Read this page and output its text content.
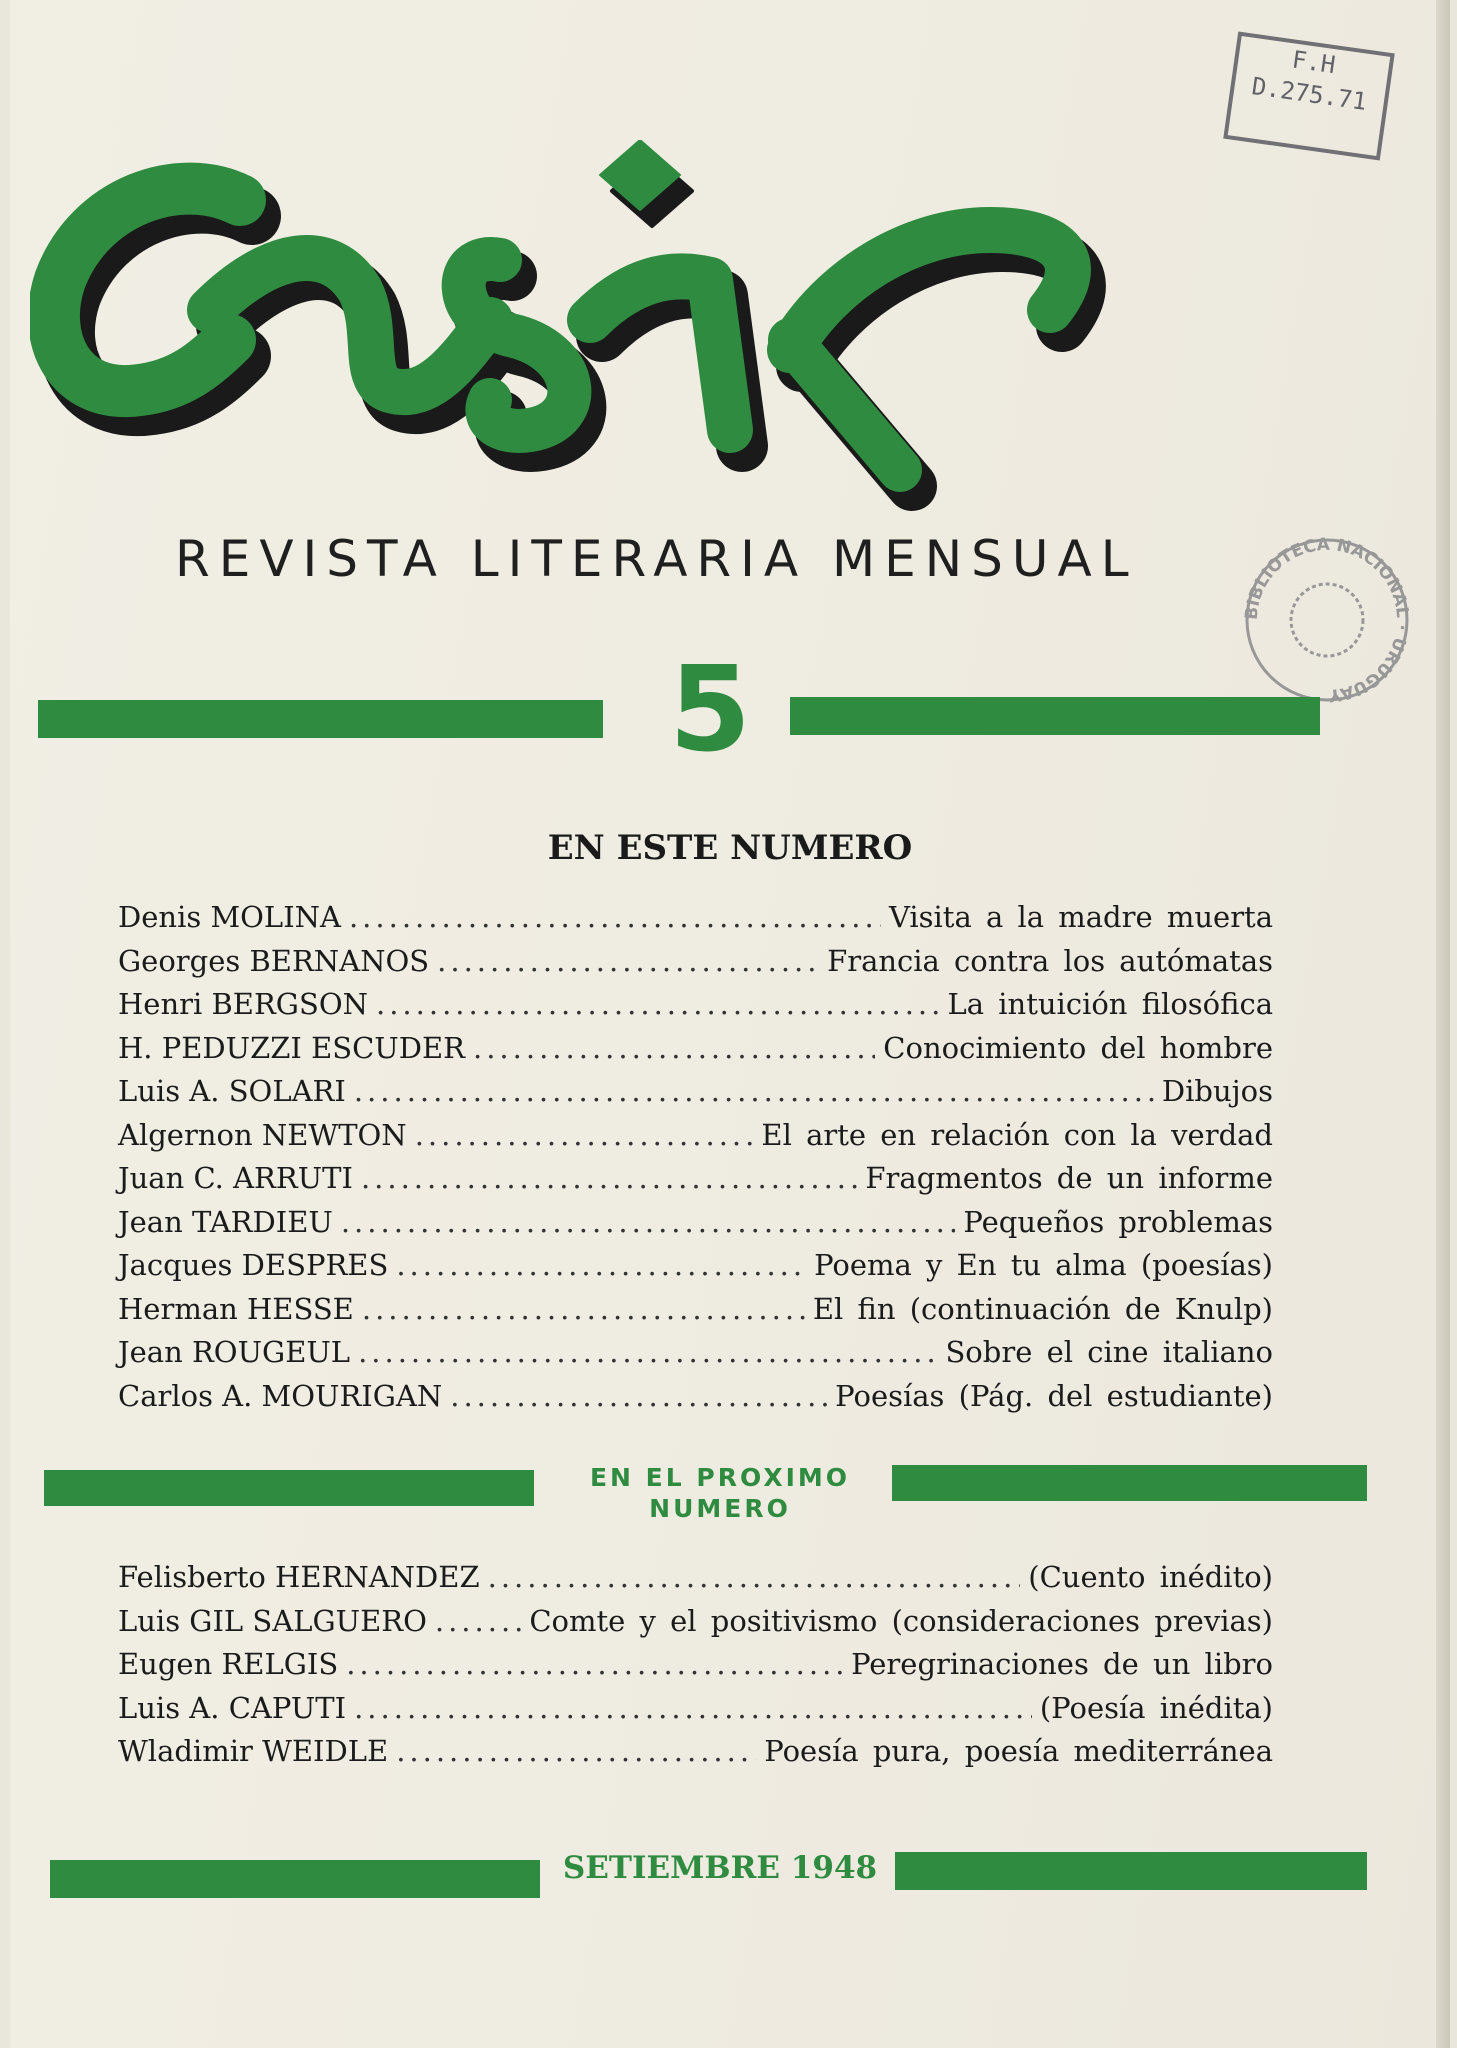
F.H
D.275.71
BIBLIOTECA NACIONAL · URUGUAY
REVISTA LITERARIA MENSUAL
5
EN ESTE NUMERO
Denis MOLINA .....	Visita a la madre muerta
Georges BERNANOS .....	Francia contra los autómatas
Henri BERGSON .....	La intuición filosófica
H. PEDUZZI ESCUDER .....	Conocimiento del hombre
Luis A. SOLARI .....	Dibujos
Algernon NEWTON .....	El arte en relación con la verdad
Juan C. ARRUTI .....	Fragmentos de un informe
Jean TARDIEU .....	Pequeños problemas
Jacques DESPRES .....	Poema y En tu alma (poesías)
Herman HESSE .....	El fin (continuación de Knulp)
Jean ROUGEUL .....	Sobre el cine italiano
Carlos A. MOURIGAN .....	Poesías (Pág. del estudiante)
EN EL PROXIMO
NUMERO
Felisberto HERNANDEZ .....	(Cuento inédito)
Luis GIL SALGUERO .....	Comte y el positivismo (consideraciones previas)
Eugen RELGIS .....	Peregrinaciones de un libro
Luis A. CAPUTI .....	(Poesía inédita)
Wladimir WEIDLE .....	Poesía pura, poesía mediterránea
SETIEMBRE 1948
